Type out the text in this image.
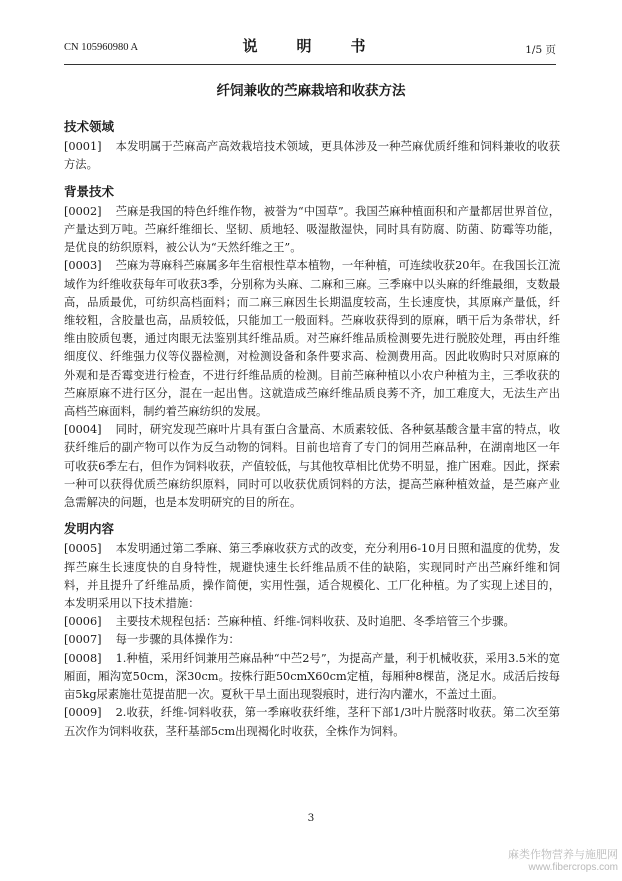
CN 105960980 A	说　明　书	1/5 页
纤饲兼收的苎麻栽培和收获方法
技术领域
[0001] 本发明属于苎麻高产高效栽培技术领域，更具体涉及一种苎麻优质纤维和饲料兼收的收获方法。
背景技术
[0002] 苎麻是我国的特色纤维作物，被誉为“中国草”。我国苎麻种植面积和产量都居世界首位，产量达到万吨。苎麻纤维细长、坚韧、质地轻、吸湿散湿快，同时具有防腐、防菌、防霉等功能，是优良的纺织原料，被公认为“天然纤维之王”。
[0003] 苎麻为荨麻科苎麻属多年生宿根性草本植物，一年种植，可连续收获20年。在我国长江流域作为纤维收获每年可收获3季，分别称为头麻、二麻和三麻。三季麻中以头麻的纤维最细，支数最高，品质最优，可纺织高档面料；而二麻三麻因生长期温度较高，生长速度快，其原麻产量低，纤维较粗，含胶量也高，品质较低，只能加工一般面料。苎麻收获得到的原麻，晒干后为条带状，纤维由胶质包裹，通过肉眼无法鉴别其纤维品质。对苎麻纤维品质检测要先进行脱胶处理，再由纤维细度仪、纤维强力仪等仪器检测，对检测设备和条件要求高、检测费用高。因此收购时只对原麻的外观和是否霉变进行检查，不进行纤维品质的检测。目前苎麻种植以小农户种植为主，三季收获的苎麻原麻不进行区分，混在一起出售。这就造成苎麻纤维品质良莠不齐，加工难度大，无法生产出高档苎麻面料，制约着苎麻纺织的发展。
[0004] 同时，研究发现苎麻叶片具有蛋白含量高、木质素较低、各种氨基酸含量丰富的特点，收获纤维后的副产物可以作为反刍动物的饲料。目前也培育了专门的饲用苎麻品种，在湖南地区一年可收获6季左右，但作为饲料收获，产值较低，与其他牧草相比优势不明显，推广困难。因此，探索一种可以获得优质苎麻纺织原料，同时可以收获优质饲料的方法，提高苎麻种植效益，是苎麻产业急需解决的问题，也是本发明研究的目的所在。
发明内容
[0005] 本发明通过第二季麻、第三季麻收获方式的改变，充分利用6-10月日照和温度的优势，发挥苎麻生长速度快的自身特性，规避快速生长纤维品质不佳的缺陷，实现同时产出苎麻纤维和饲料，并且提升了纤维品质，操作简便，实用性强，适合规模化、工厂化种植。为了实现上述目的，本发明采用以下技术措施：
[0006] 主要技术规程包括：苎麻种植、纤维-饲料收获、及时追肥、冬季培管三个步骤。
[0007] 每一步骤的具体操作为：
[0008] 1.种植，采用纤饲兼用苎麻品种“中苎2号”，为提高产量，利于机械收获，采用3.5米的宽厢面，厢沟宽50cm，深30cm。按株行距50cmX60cm定植，每厢种8棵苗，浇足水。成活后按每亩5kg尿素施壮苋提苗肥一次。夏秋干旱土面出现裂痕时，进行沟内灌水，不盖过土面。
[0009] 2.收获，纤维-饲料收获，第一季麻收获纤维，茎秆下部1/3叶片脱落时收获。第二次至第五次作为饲料收获，茎秆基部5cm出现褐化时收获，全株作为饲料。
3
麻类作物营养与施肥网
www.fibercrops.com
